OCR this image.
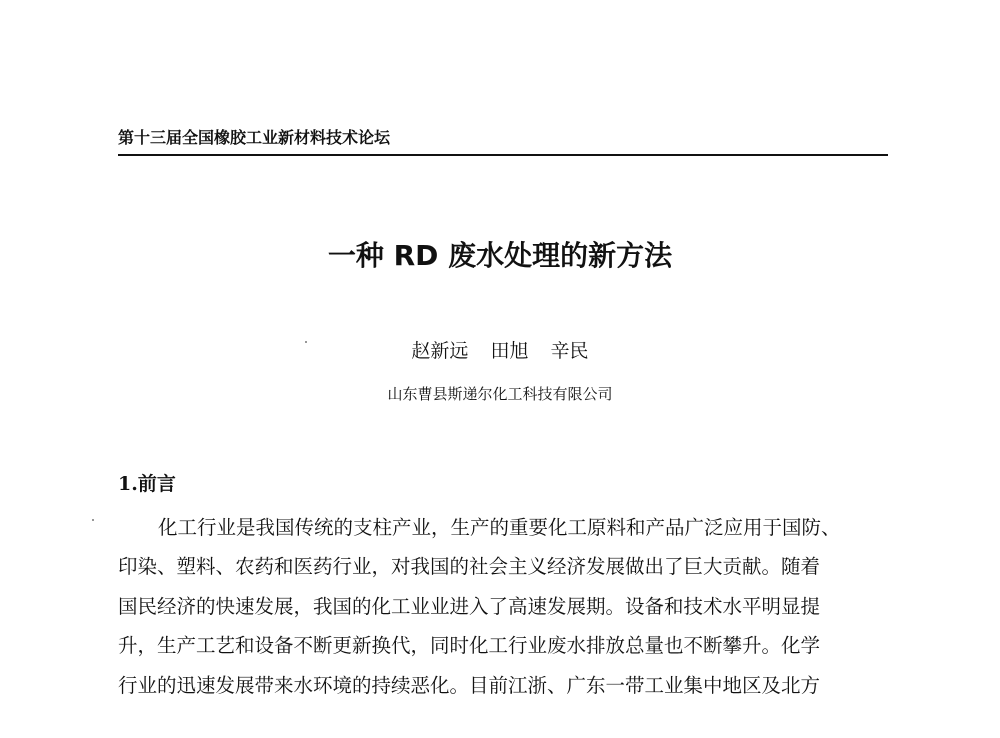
第十三届全国橡胶工业新材料技术论坛
一种 RD 废水处理的新方法
赵新远 田旭 辛民
山东曹县斯递尔化工科技有限公司
1.前言
化工行业是我国传统的支柱产业，生产的重要化工原料和产品广泛应用于国防、
印染、塑料、农药和医药行业，对我国的社会主义经济发展做出了巨大贡献。随着
国民经济的快速发展，我国的化工业业进入了高速发展期。设备和技术水平明显提
升，生产工艺和设备不断更新换代，同时化工行业废水排放总量也不断攀升。化学
行业的迅速发展带来水环境的持续恶化。目前江浙、广东一带工业集中地区及北方
